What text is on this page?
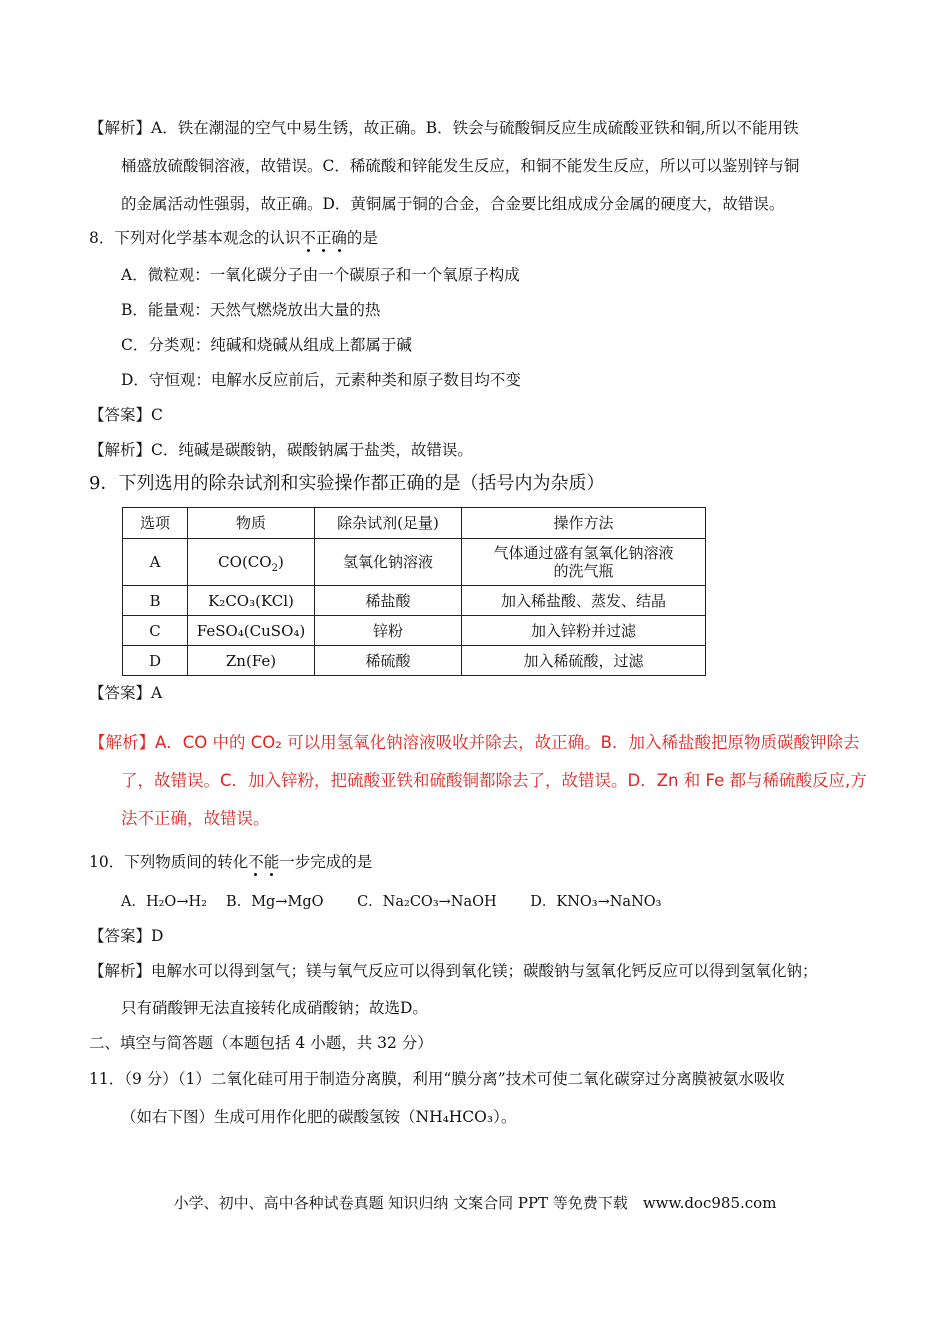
【解析】A．铁在潮湿的空气中易生锈，故正确。B．铁会与硫酸铜反应生成硫酸亚铁和铜,所以不能用铁
桶盛放硫酸铜溶液，故错误。C．稀硫酸和锌能发生反应，和铜不能发生反应，所以可以鉴别锌与铜
的金属活动性强弱，故正确。D．黄铜属于铜的合金，合金要比组成成分金属的硬度大，故错误。
8．下列对化学基本观念的认识不正确的是
A．微粒观：一氧化碳分子由一个碳原子和一个氧原子构成
B．能量观：天然气燃烧放出大量的热
C．分类观：纯碱和烧碱从组成上都属于碱
D．守恒观：电解水反应前后，元素种类和原子数目均不变
【答案】C
【解析】C．纯碱是碳酸钠，碳酸钠属于盐类，故错误。
9．下列选用的除杂试剂和实验操作都正确的是（括号内为杂质）
选项	物质	除杂试剂(足量)	操作方法
A	$CO(CO_2)$	氢氧化钠溶液	气体通过盛有氢氧化钠溶液
的洗气瓶

B	K₂CO₃(KCl)	稀盐酸	加入稀盐酸、蒸发、结晶
C	FeSO₄(CuSO₄)	锌粉	加入锌粉并过滤
D	Zn(Fe)	稀硫酸	加入稀硫酸，过滤
【答案】A
【解析】A．CO 中的 CO₂ 可以用氢氧化钠溶液吸收并除去，故正确。B．加入稀盐酸把原物质碳酸钾除去
了，故错误。C．加入锌粉，把硫酸亚铁和硫酸铜都除去了，故错误。D．Zn 和 Fe 都与稀硫酸反应,方
法不正确，故错误。
10．下列物质间的转化不能一步完成的是
A．H₂O→H₂　 B．Mg→MgO　　 C．Na₂CO₃→NaOH　　 D．KNO₃→NaNO₃
【答案】D
【解析】电解水可以得到氢气；镁与氧气反应可以得到氧化镁；碳酸钠与氢氧化钙反应可以得到氢氧化钠；
只有硝酸钾无法直接转化成硝酸钠；故选D。
二、填空与简答题（本题包括 4 小题，共 32 分）
11．（9 分）（1）二氧化硅可用于制造分离膜，利用“膜分离”技术可使二氧化碳穿过分离膜被氨水吸收
（如右下图）生成可用作化肥的碳酸氢铵（NH₄HCO₃）。
小学、初中、高中各种试卷真题 知识归纳 文案合同 PPT 等免费下载　www.doc985.com
